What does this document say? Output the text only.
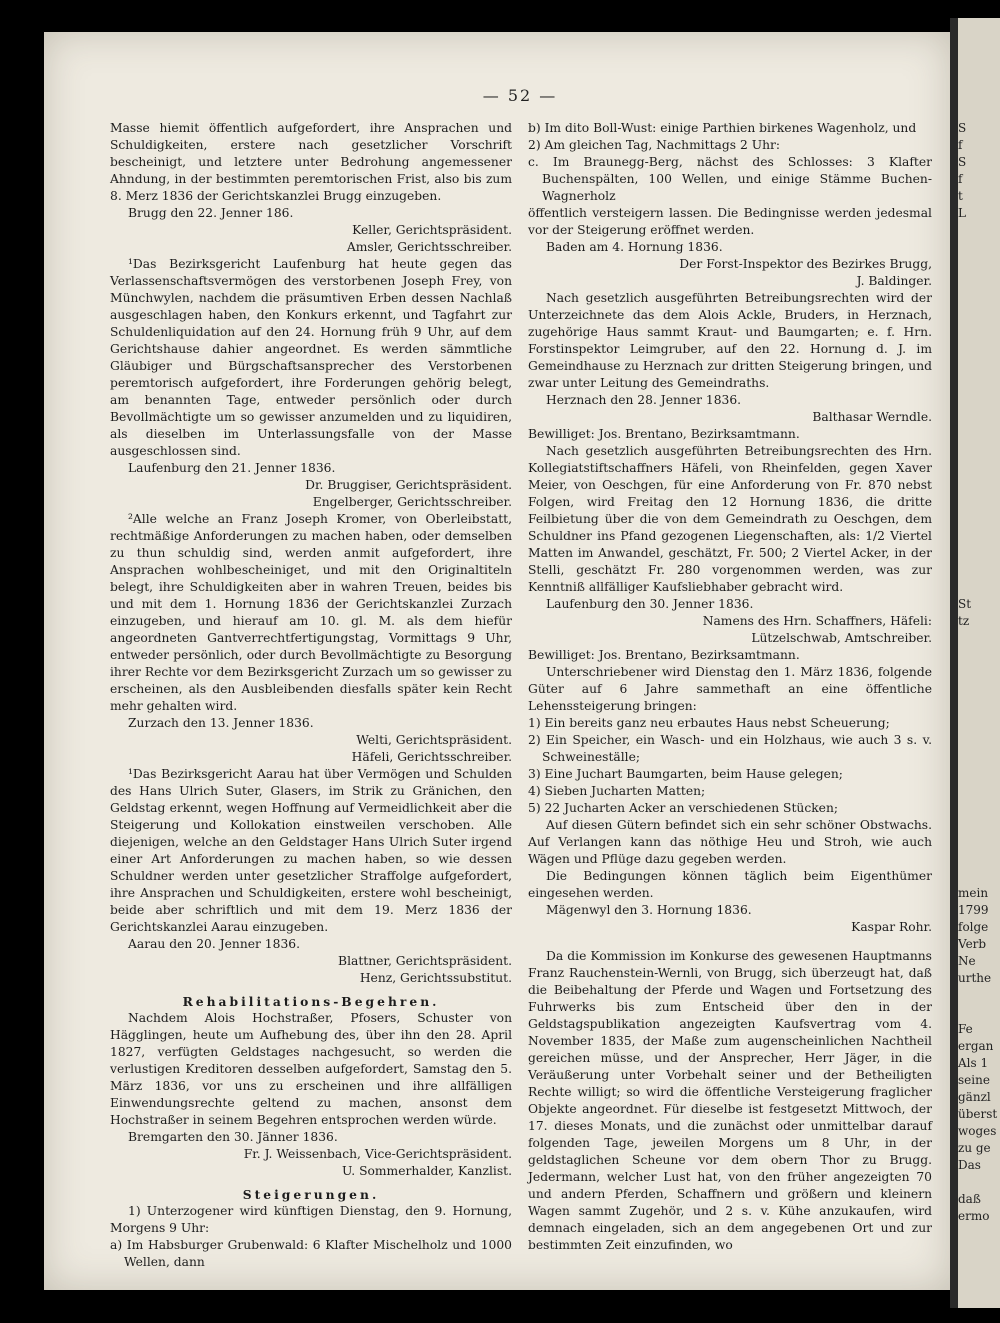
S
f
S
f
t
L

St
tz

mein
1799
folge
Verb
Ne
urthe

Fe
ergan
Als 1
seine
gänzl
überst
woges
zu ge
Das

daß
ermo
— 52 —

Masse hiemit öffentlich aufgefordert, ihre Ansprachen und Schuldigkeiten, erstere nach gesetzlicher Vorschrift bescheinigt, und letztere unter Bedrohung angemessener Ahndung, in der bestimmten peremtorischen Frist, also bis zum 8. Merz 1836 der Gerichtskanzlei Brugg einzugeben.

Brugg den 22. Jenner 186.

Keller, Gerichtspräsident.

Amsler, Gerichtsschreiber.

¹Das Bezirksgericht Laufenburg hat heute gegen das Verlassenschaftsvermögen des verstorbenen Joseph Frey, von Münchwylen, nachdem die präsumtiven Erben dessen Nachlaß ausgeschlagen haben, den Konkurs erkennt, und Tagfahrt zur Schuldenliquidation auf den 24. Hornung früh 9 Uhr, auf dem Gerichtshause dahier angeordnet. Es werden sämmtliche Gläubiger und Bürgschaftsansprecher des Verstorbenen peremtorisch aufgefordert, ihre Forderungen gehörig belegt, am benannten Tage, entweder persönlich oder durch Bevollmächtigte um so gewisser anzumelden und zu liquidiren, als dieselben im Unterlassungsfalle von der Masse ausgeschlossen sind.

Laufenburg den 21. Jenner 1836.

Dr. Bruggiser, Gerichtspräsident.

Engelberger, Gerichtsschreiber.

²Alle welche an Franz Joseph Kromer, von Oberleibstatt, rechtmäßige Anforderungen zu machen haben, oder demselben zu thun schuldig sind, werden anmit aufgefordert, ihre Ansprachen wohlbescheiniget, und mit den Originaltiteln belegt, ihre Schuldigkeiten aber in wahren Treuen, beides bis und mit dem 1. Hornung 1836 der Gerichtskanzlei Zurzach einzugeben, und hierauf am 10. gl. M. als dem hiefür angeordneten Gantverrechtfertigungstag, Vormittags 9 Uhr, entweder persönlich, oder durch Bevollmächtigte zu Besorgung ihrer Rechte vor dem Bezirksgericht Zurzach um so gewisser zu erscheinen, als den Ausbleibenden diesfalls später kein Recht mehr gehalten wird.

Zurzach den 13. Jenner 1836.

Welti, Gerichtspräsident.

Häfeli, Gerichtsschreiber.

¹Das Bezirksgericht Aarau hat über Vermögen und Schulden des Hans Ulrich Suter, Glasers, im Strik zu Gränichen, den Geldstag erkennt, wegen Hoffnung auf Vermeidlichkeit aber die Steigerung und Kollokation einstweilen verschoben. Alle diejenigen, welche an den Geldstager Hans Ulrich Suter irgend einer Art Anforderungen zu machen haben, so wie dessen Schuldner werden unter gesetzlicher Straffolge aufgefordert, ihre Ansprachen und Schuldigkeiten, erstere wohl bescheinigt, beide aber schriftlich und mit dem 19. Merz 1836 der Gerichtskanzlei Aarau einzugeben.

Aarau den 20. Jenner 1836.

Blattner, Gerichtspräsident.

Henz, Gerichtssubstitut.

Rehabilitations-Begehren.

Nachdem Alois Hochstraßer, Pfosers, Schuster von Hägglingen, heute um Aufhebung des, über ihn den 28. April 1827, verfügten Geldstages nachgesucht, so werden die verlustigen Kreditoren desselben aufgefordert, Samstag den 5. März 1836, vor uns zu erscheinen und ihre allfälligen Einwendungsrechte geltend zu machen, ansonst dem Hochstraßer in seinem Begehren entsprochen werden würde.

Bremgarten den 30. Jänner 1836.

Fr. J. Weissenbach, Vice-Gerichtspräsident.

U. Sommerhalder, Kanzlist.

Steigerungen.

1) Unterzogener wird künftigen Dienstag, den 9. Hornung, Morgens 9 Uhr:

a) Im Habsburger Grubenwald: 6 Klafter Mischelholz und 1000 Wellen, dann

b) Im dito Boll-Wust: einige Parthien birkenes Wagenholz, und

2) Am gleichen Tag, Nachmittags 2 Uhr:

c. Im Braunegg-Berg, nächst des Schlosses: 3 Klafter Buchenspälten, 100 Wellen, und einige Stämme Buchen-Wagnerholz

öffentlich versteigern lassen. Die Bedingnisse werden jedesmal vor der Steigerung eröffnet werden.

Baden am 4. Hornung 1836.

Der Forst-Inspektor des Bezirkes Brugg,

J. Baldinger.

Nach gesetzlich ausgeführten Betreibungsrechten wird der Unterzeichnete das dem Alois Ackle, Bruders, in Herznach, zugehörige Haus sammt Kraut- und Baumgarten; e. f. Hrn. Forstinspektor Leimgruber, auf den 22. Hornung d. J. im Gemeindhause zu Herznach zur dritten Steigerung bringen, und zwar unter Leitung des Gemeindraths.

Herznach den 28. Jenner 1836.

Balthasar Werndle.

Bewilliget: Jos. Brentano, Bezirksamtmann.

Nach gesetzlich ausgeführten Betreibungsrechten des Hrn. Kollegiatstiftschaffners Häfeli, von Rheinfelden, gegen Xaver Meier, von Oeschgen, für eine Anforderung von Fr. 870 nebst Folgen, wird Freitag den 12 Hornung 1836, die dritte Feilbietung über die von dem Gemeindrath zu Oeschgen, dem Schuldner ins Pfand gezogenen Liegenschaften, als: 1/2 Viertel Matten im Anwandel, geschätzt, Fr. 500; 2 Viertel Acker, in der Stelli, geschätzt Fr. 280 vorgenommen werden, was zur Kenntniß allfälliger Kaufsliebhaber gebracht wird.

Laufenburg den 30. Jenner 1836.

Namens des Hrn. Schaffners, Häfeli:

Lützelschwab, Amtschreiber.

Bewilliget: Jos. Brentano, Bezirksamtmann.

Unterschriebener wird Dienstag den 1. März 1836, folgende Güter auf 6 Jahre sammethaft an eine öffentliche Lehenssteigerung bringen:

1) Ein bereits ganz neu erbautes Haus nebst Scheuerung;

2) Ein Speicher, ein Wasch- und ein Holzhaus, wie auch 3 s. v. Schweineställe;

3) Eine Juchart Baumgarten, beim Hause gelegen;

4) Sieben Jucharten Matten;

5) 22 Jucharten Acker an verschiedenen Stücken;

Auf diesen Gütern befindet sich ein sehr schöner Obstwachs. Auf Verlangen kann das nöthige Heu und Stroh, wie auch Wägen und Pflüge dazu gegeben werden.

Die Bedingungen können täglich beim Eigenthümer eingesehen werden.

Mägenwyl den 3. Hornung 1836.

Kaspar Rohr.

Da die Kommission im Konkurse des gewesenen Hauptmanns Franz Rauchenstein-Wernli, von Brugg, sich überzeugt hat, daß die Beibehaltung der Pferde und Wagen und Fortsetzung des Fuhrwerks bis zum Entscheid über den in der Geldstagspublikation angezeigten Kaufsvertrag vom 4. November 1835, der Maße zum augenscheinlichen Nachtheil gereichen müsse, und der Ansprecher, Herr Jäger, in die Veräußerung unter Vorbehalt seiner und der Betheiligten Rechte willigt; so wird die öffentliche Versteigerung fraglicher Objekte angeordnet. Für dieselbe ist festgesetzt Mittwoch, der 17. dieses Monats, und die zunächst oder unmittelbar darauf folgenden Tage, jeweilen Morgens um 8 Uhr, in der geldstaglichen Scheune vor dem obern Thor zu Brugg. Jedermann, welcher Lust hat, von den früher angezeigten 70 und andern Pferden, Schaffnern und größern und kleinern Wagen sammt Zugehör, und 2 s. v. Kühe anzukaufen, wird demnach eingeladen, sich an dem angegebenen Ort und zur bestimmten Zeit einzufinden, wo
